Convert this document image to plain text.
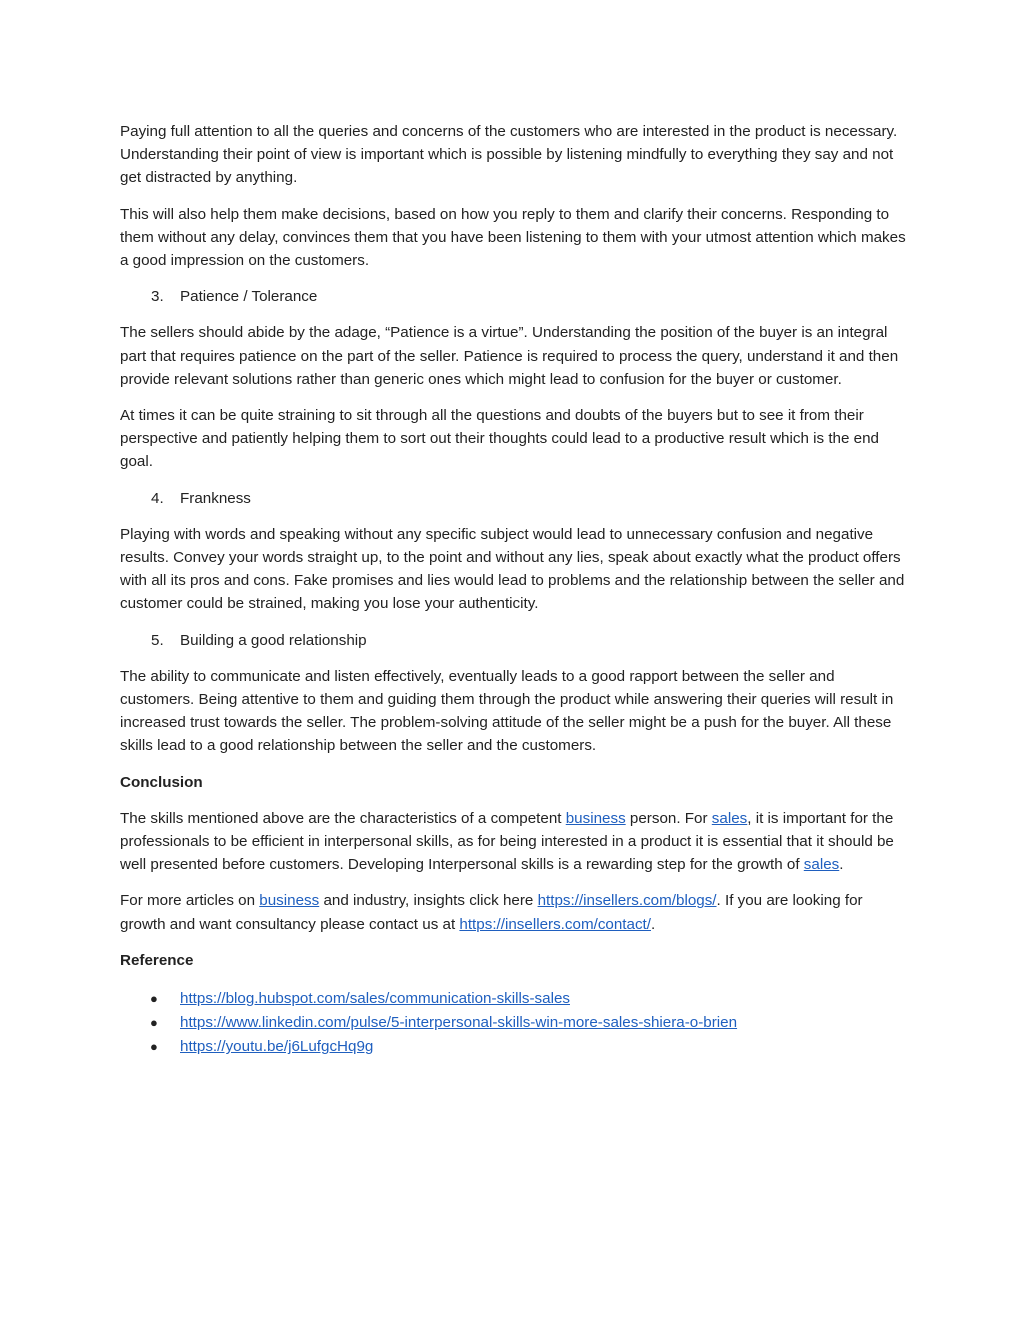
Paying full attention to all the queries and concerns of the customers who are interested in the product is necessary. Understanding their point of view is important which is possible by listening mindfully to everything they say and not get distracted by anything.

This will also help them make decisions, based on how you reply to them and clarify their concerns. Responding to them without any delay, convinces them that you have been listening to them with your utmost attention which makes a good impression on the customers.

3. Patience / Tolerance

The sellers should abide by the adage, “Patience is a virtue”. Understanding the position of the buyer is an integral part that requires patience on the part of the seller. Patience is required to process the query, understand it and then provide relevant solutions rather than generic ones which might lead to confusion for the buyer or customer.

At times it can be quite straining to sit through all the questions and doubts of the buyers but to see it from their perspective and patiently helping them to sort out their thoughts could lead to a productive result which is the end goal.

4. Frankness

Playing with words and speaking without any specific subject would lead to unnecessary confusion and negative results. Convey your words straight up, to the point and without any lies, speak about exactly what the product offers with all its pros and cons. Fake promises and lies would lead to problems and the relationship between the seller and customer could be strained, making you lose your authenticity.

5. Building a good relationship

The ability to communicate and listen effectively, eventually leads to a good rapport between the seller and customers. Being attentive to them and guiding them through the product while answering their queries will result in increased trust towards the seller. The problem-solving attitude of the seller might be a push for the buyer. All these skills lead to a good relationship between the seller and the customers.

Conclusion

The skills mentioned above are the characteristics of a competent business person. For sales, it is important for the professionals to be efficient in interpersonal skills, as for being interested in a product it is essential that it should be well presented before customers. Developing Interpersonal skills is a rewarding step for the growth of sales.

For more articles on business and industry, insights click here https://insellers.com/blogs/. If you are looking for growth and want consultancy please contact us at https://insellers.com/contact/.

Reference
● https://blog.hubspot.com/sales/communication-skills-sales
● https://www.linkedin.com/pulse/5-interpersonal-skills-win-more-sales-shiera-o-brien
● https://youtu.be/j6LufgcHq9g
